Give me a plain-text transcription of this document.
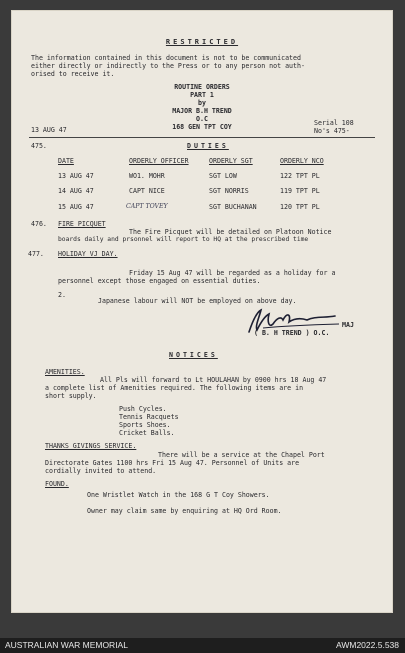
RESTRICTED
The information contained in this document is not to be communicated
either directly or indirectly to the Press or to any person not auth-
orised to receive it.
ROUTINE ORDERS
PART 1
by
MAJOR B.H TREND
O.C
168 GEN TPT COY
13 AUG 47
Serial 108
No's 475-
475.	DUTIES
DATE	ORDERLY OFFICER	ORDERLY SGT	ORDERLY NCO
13 AUG 47	WO1. MOHR	SGT LOW	122 TPT PL
14 AUG 47	CAPT NICE	SGT NORRIS	119 TPT PL
15 AUG 47	CAPT TOVEY	SGT BUCHANAN	120 TPT PL
476. FIRE PICQUET
The Fire Picquet will be detailed on Platoon Notice
boards daily and prsonnel will report to HQ at the prescribed time
477. HOLIDAY VJ DAY.
Friday 15 Aug 47 will be regarded as a holiday for a
personnel except those engaged on essential duties.
2.
Japanese labour will NOT be employed on above day.
MAJ
( B. H TREND ) O.C.
NOTICES
AMENITIES.
All Pls will forward to Lt HOULAHAN by 0900 hrs 18 Aug 47
a complete list of Amenities required. The following items are in
short supply.
Push Cycles.
Tennis Racquets
Sports Shoes.
Cricket Balls.
THANKS GIVINGS SERVICE.
There will be a service at the Chapel Port
Directorate Gates 1100 hrs Fri 15 Aug 47. Personnel of Units are
cordially invited to attend.
FOUND.
One Wristlet Watch in the 168 G T Coy Showers.
Owner may claim same by enquiring at HQ Ord Room.
AUSTRALIAN WAR MEMORIAL	AWM2022.5.538
